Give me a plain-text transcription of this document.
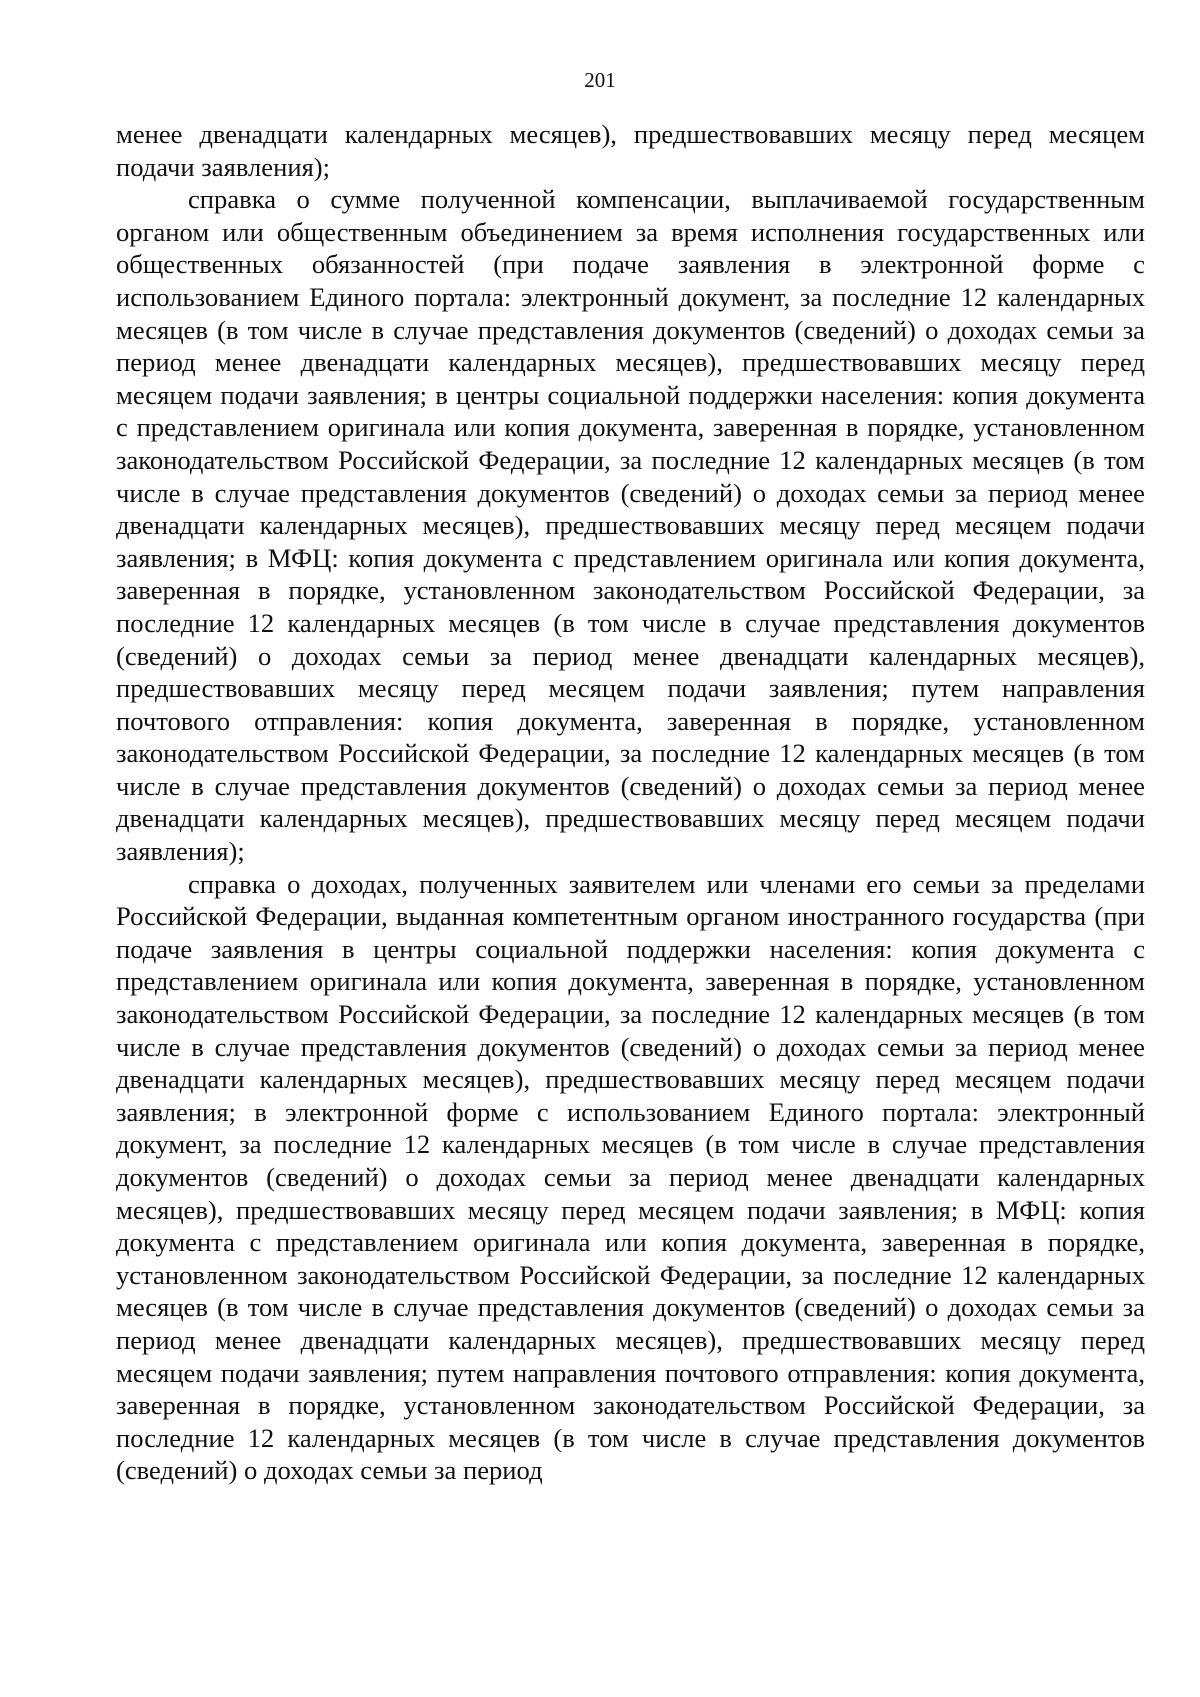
201

менее двенадцати календарных месяцев), предшествовавших месяцу перед месяцем подачи заявления);

справка о сумме полученной компенсации, выплачиваемой государственным органом или общественным объединением за время исполнения государственных или общественных обязанностей (при подаче заявления в электронной форме с использованием Единого портала: электронный документ, за последние 12 календарных месяцев (в том числе в случае представления документов (сведений) о доходах семьи за период менее двенадцати календарных месяцев), предшествовавших месяцу перед месяцем подачи заявления; в центры социальной поддержки населения: копия документа с представлением оригинала или копия документа, заверенная в порядке, установленном законодательством Российской Федерации, за последние 12 календарных месяцев (в том числе в случае представления документов (сведений) о доходах семьи за период менее двенадцати календарных месяцев), предшествовавших месяцу перед месяцем подачи заявления; в МФЦ: копия документа с представлением оригинала или копия документа, заверенная в порядке, установленном законодательством Российской Федерации, за последние 12 календарных месяцев (в том числе в случае представления документов (сведений) о доходах семьи за период менее двенадцати календарных месяцев), предшествовавших месяцу перед месяцем подачи заявления; путем направления почтового отправления: копия документа, заверенная в порядке, установленном законодательством Российской Федерации, за последние 12 календарных месяцев (в том числе в случае представления документов (сведений) о доходах семьи за период менее двенадцати календарных месяцев), предшествовавших месяцу перед месяцем подачи заявления);

справка о доходах, полученных заявителем или членами его семьи за пределами Российской Федерации, выданная компетентным органом иностранного государства (при подаче заявления в центры социальной поддержки населения: копия документа с представлением оригинала или копия документа, заверенная в порядке, установленном законодательством Российской Федерации, за последние 12 календарных месяцев (в том числе в случае представления документов (сведений) о доходах семьи за период менее двенадцати календарных месяцев), предшествовавших месяцу перед месяцем подачи заявления; в электронной форме с использованием Единого портала: электронный документ, за последние 12 календарных месяцев (в том числе в случае представления документов (сведений) о доходах семьи за период менее двенадцати календарных месяцев), предшествовавших месяцу перед месяцем подачи заявления; в МФЦ: копия документа с представлением оригинала или копия документа, заверенная в порядке, установленном законодательством Российской Федерации, за последние 12 календарных месяцев (в том числе в случае представления документов (сведений) о доходах семьи за период менее двенадцати календарных месяцев), предшествовавших месяцу перед месяцем подачи заявления; путем направления почтового отправления: копия документа, заверенная в порядке, установленном законодательством Российской Федерации, за последние 12 календарных месяцев (в том числе в случае представления документов (сведений) о доходах семьи за период
